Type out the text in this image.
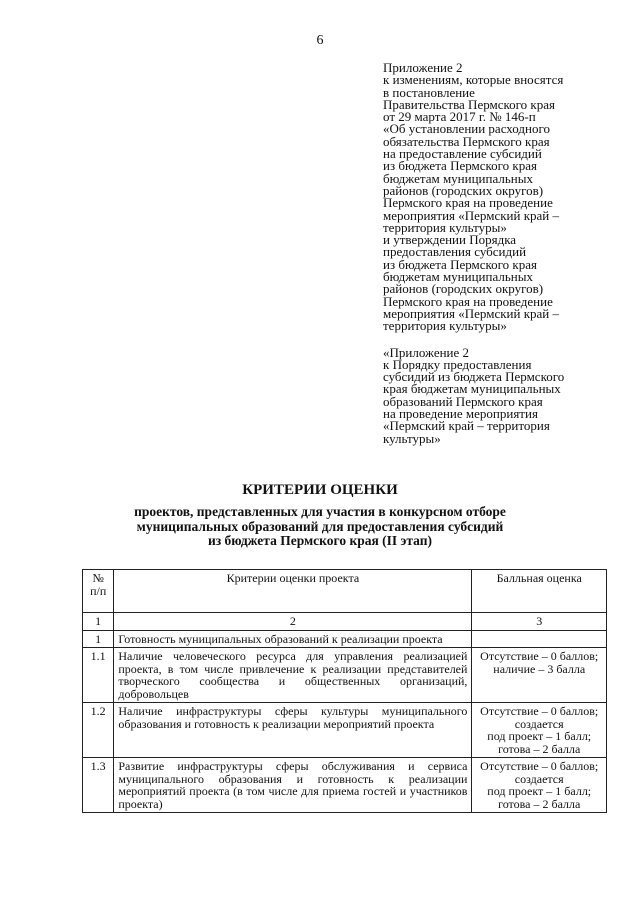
6
Приложение 2
к изменениям, которые вносятся
в постановление
Правительства Пермского края
от 29 марта 2017 г. № 146-п
«Об установлении расходного
обязательства Пермского края
на предоставление субсидий
из бюджета Пермского края
бюджетам муниципальных
районов (городских округов)
Пермского края на проведение
мероприятия «Пермский край –
территория культуры»
и утверждении Порядка
предоставления субсидий
из бюджета Пермского края
бюджетам муниципальных
районов (городских округов)
Пермского края на проведение
мероприятия «Пермский край –
территория культуры»
«Приложение 2
к Порядку предоставления
субсидий из бюджета Пермского
края бюджетам муниципальных
образований Пермского края
на проведение мероприятия
«Пермский край – территория
культуры»
КРИТЕРИИ ОЦЕНКИ
проектов, представленных для участия в конкурсном отборе
муниципальных образований для предоставления субсидий
из бюджета Пермского края (II этап)
№
п/п	Критерии оценки проекта	Балльная оценка
1	2	3
1	Готовность муниципальных образований к реализации проекта	
1.1	Наличие человеческого ресурса для управления реализацией проекта, в том числе привлечение к реализации представителей творческого сообщества и общественных организаций, добровольцев	Отсутствие – 0 баллов;
наличие – 3 балла

1.2	Наличие инфраструктуры сферы культуры муниципального образования и готовность к реализации мероприятий проекта	Отсутствие – 0 баллов;
создается
под проект – 1 балл;
готова – 2 балла

1.3	Развитие инфраструктуры сферы обслуживания и сервиса муниципального образования и готовность к реализации мероприятий проекта (в том числе для приема гостей и участников проекта)	Отсутствие – 0 баллов;
создается
под проект – 1 балл;
готова – 2 балла
